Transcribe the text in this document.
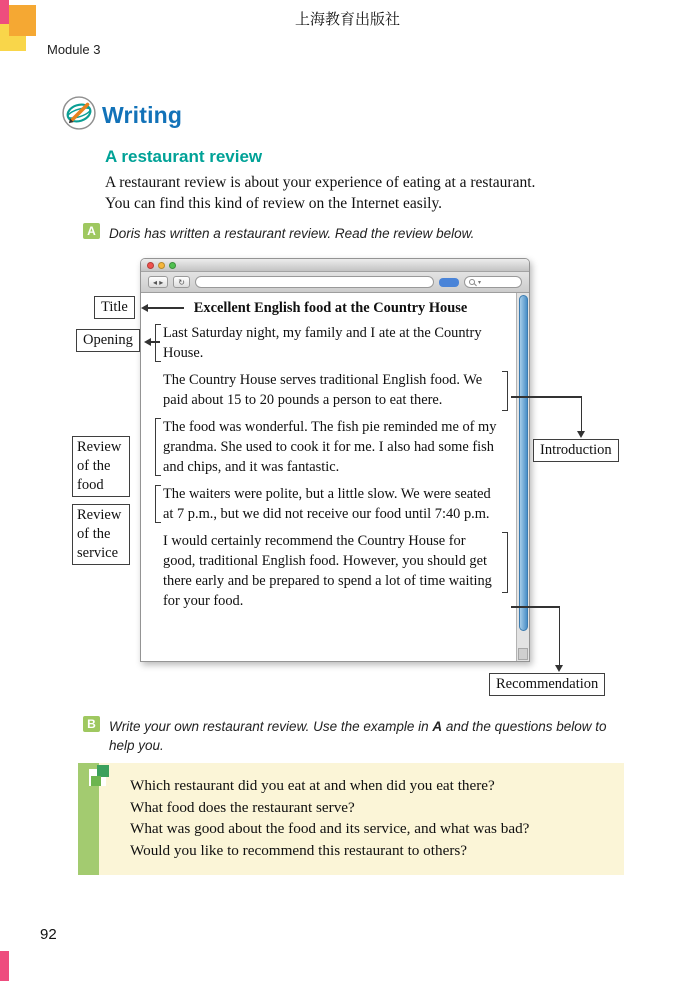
上海教育出版社
Module 3
Writing
A restaurant review
A restaurant review is about your experience of eating at a restaurant.
You can find this kind of review on the Internet easily.
A Doris has written a restaurant review. Read the review below.
◂ ▸	↻	▾
Excellent English food at the Country House
Last Saturday night, my family and I ate at the Country House.
The Country House serves traditional English food. We paid about 15 to 20 pounds a person to eat there.
The food was wonderful. The fish pie reminded me of my grandma. She used to cook it for me. I also had some fish and chips, and it was fantastic.
The waiters were polite, but a little slow. We were seated at 7 p.m., but we did not receive our food until 7:40 p.m.
I would certainly recommend the Country House for good, traditional English food. However, you should get there early and be prepared to spend a lot of time waiting for your food.
Title
Opening
Review of the food
Review of the service
Introduction
Recommendation
B Write your own restaurant review. Use the example in A and the questions below to help you.
Which restaurant did you eat at and when did you eat there?
What food does the restaurant serve?
What was good about the food and its service, and what was bad?
Would you like to recommend this restaurant to others?
92
